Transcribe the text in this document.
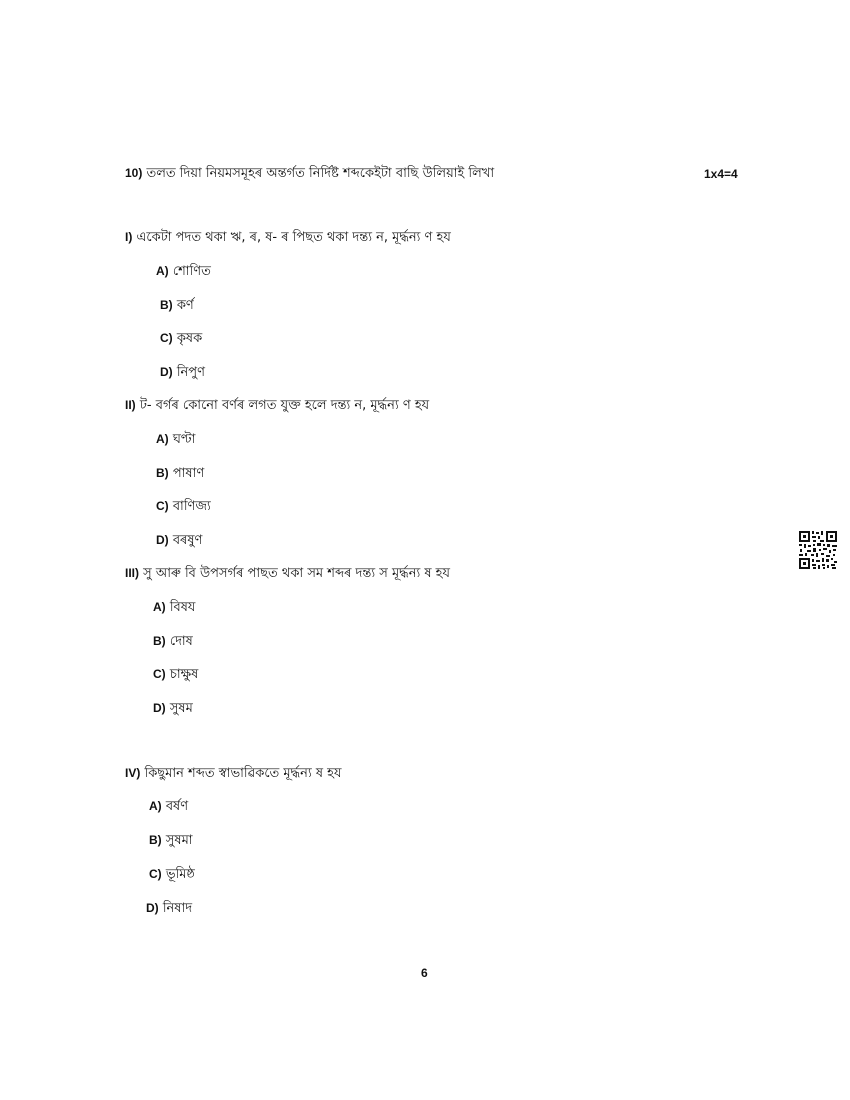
10) তলত দিয়া নিয়মসমূহৰ অন্তৰ্গত নিৰ্দিষ্ট শব্দকেইটা বাছি উলিয়াই লিখা	1x4=4
I) একেটা পদত থকা ঋ, ৰ, ষ- ৰ পিছত থকা দন্ত্য ন, মূৰ্দ্ধন্য ণ হয
A) শোণিত
B) কৰ্ণ
C) কৃষক
D) নিপুণ
II) ট- বৰ্গৰ কোনো বৰ্ণৰ লগত যুক্ত হলে দন্ত্য ন, মূৰ্দ্ধন্য ণ হয
A) ঘণ্টা
B) পাষাণ
C) বাণিজ্য
D) বৰষুণ
III) সু আৰু বি উপসৰ্গৰ পাছত থকা সম শব্দৰ দন্ত্য স মূৰ্দ্ধন্য ষ হয
A) বিষয
B) দোষ
C) চাক্ষুষ
D) সুষম
IV) কিছুমান শব্দত স্বাভাৱিকতে মূৰ্দ্ধন্য ষ হয
A) বৰ্ষণ
B) সুষমা
C) ভূমিষ্ঠ
D) নিষাদ
6
